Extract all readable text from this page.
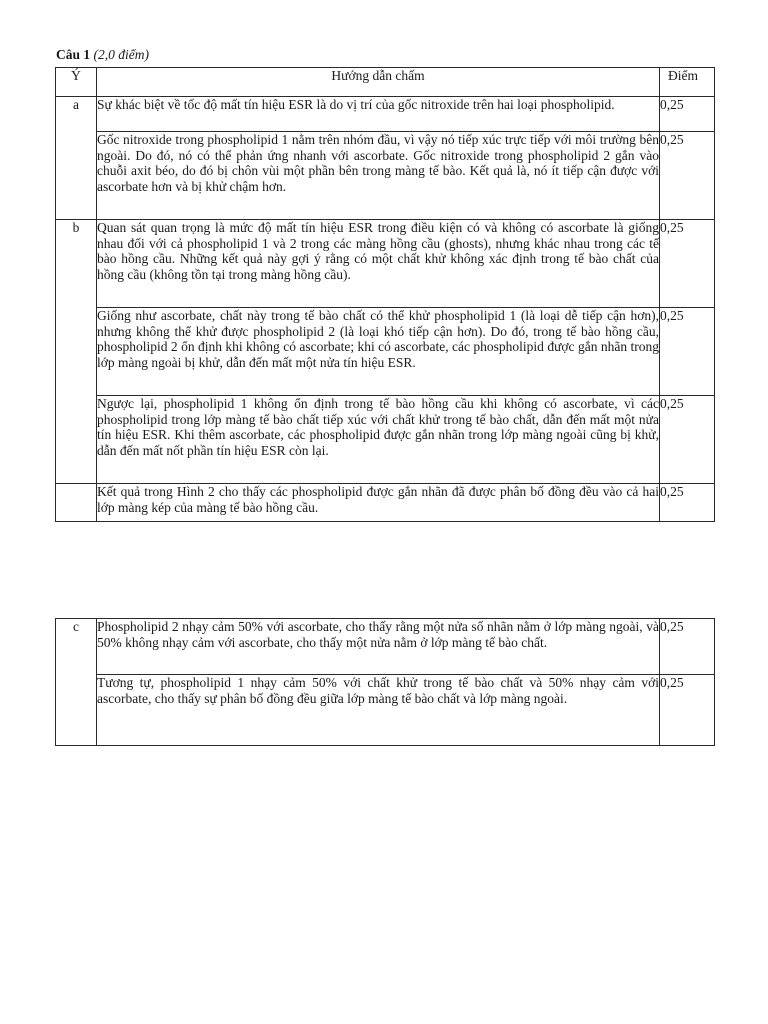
Câu 1 (2,0 điểm)
Ý	Hướng dẫn chấm	Điểm
a	Sự khác biệt về tốc độ mất tín hiệu ESR là do vị trí của gốc nitroxide trên hai loại phospholipid.	0,25
	Gốc nitroxide trong phospholipid 1 nằm trên nhóm đầu, vì vậy nó tiếp xúc trực tiếp với môi trường bên ngoài. Do đó, nó có thể phản ứng nhanh với ascorbate. Gốc nitroxide trong phospholipid 2 gắn vào chuỗi axit béo, do đó bị chôn vùi một phần bên trong màng tế bào. Kết quả là, nó ít tiếp cận được với ascorbate hơn và bị khử chậm hơn.	0,25
b	Quan sát quan trọng là mức độ mất tín hiệu ESR trong điều kiện có và không có ascorbate là giống nhau đối với cả phospholipid 1 và 2 trong các màng hồng cầu (ghosts), nhưng khác nhau trong các tế bào hồng cầu. Những kết quả này gợi ý rằng có một chất khử không xác định trong tế bào chất của hồng cầu (không tồn tại trong màng hồng cầu).	0,25
	Giống như ascorbate, chất này trong tế bào chất có thể khử phospholipid 1 (là loại dễ tiếp cận hơn), nhưng không thể khử được phospholipid 2 (là loại khó tiếp cận hơn). Do đó, trong tế bào hồng cầu, phospholipid 2 ổn định khi không có ascorbate; khi có ascorbate, các phospholipid được gắn nhãn trong lớp màng ngoài bị khử, dẫn đến mất một nửa tín hiệu ESR.	0,25
	Ngược lại, phospholipid 1 không ổn định trong tế bào hồng cầu khi không có ascorbate, vì các phospholipid trong lớp màng tế bào chất tiếp xúc với chất khử trong tế bào chất, dẫn đến mất một nửa tín hiệu ESR. Khi thêm ascorbate, các phospholipid được gắn nhãn trong lớp màng ngoài cũng bị khử, dẫn đến mất nốt phần tín hiệu ESR còn lại.	0,25
	Kết quả trong Hình 2 cho thấy các phospholipid được gắn nhãn đã được phân bố đồng đều vào cả hai lớp màng kép của màng tế bào hồng cầu.	0,25
c	Phospholipid 2 nhạy cảm 50% với ascorbate, cho thấy rằng một nửa số nhãn nằm ở lớp màng ngoài, và 50% không nhạy cảm với ascorbate, cho thấy một nửa nằm ở lớp màng tế bào chất.	0,25
	Tương tự, phospholipid 1 nhạy cảm 50% với chất khử trong tế bào chất và 50% nhạy cảm với ascorbate, cho thấy sự phân bố đồng đều giữa lớp màng tế bào chất và lớp màng ngoài.	0,25
